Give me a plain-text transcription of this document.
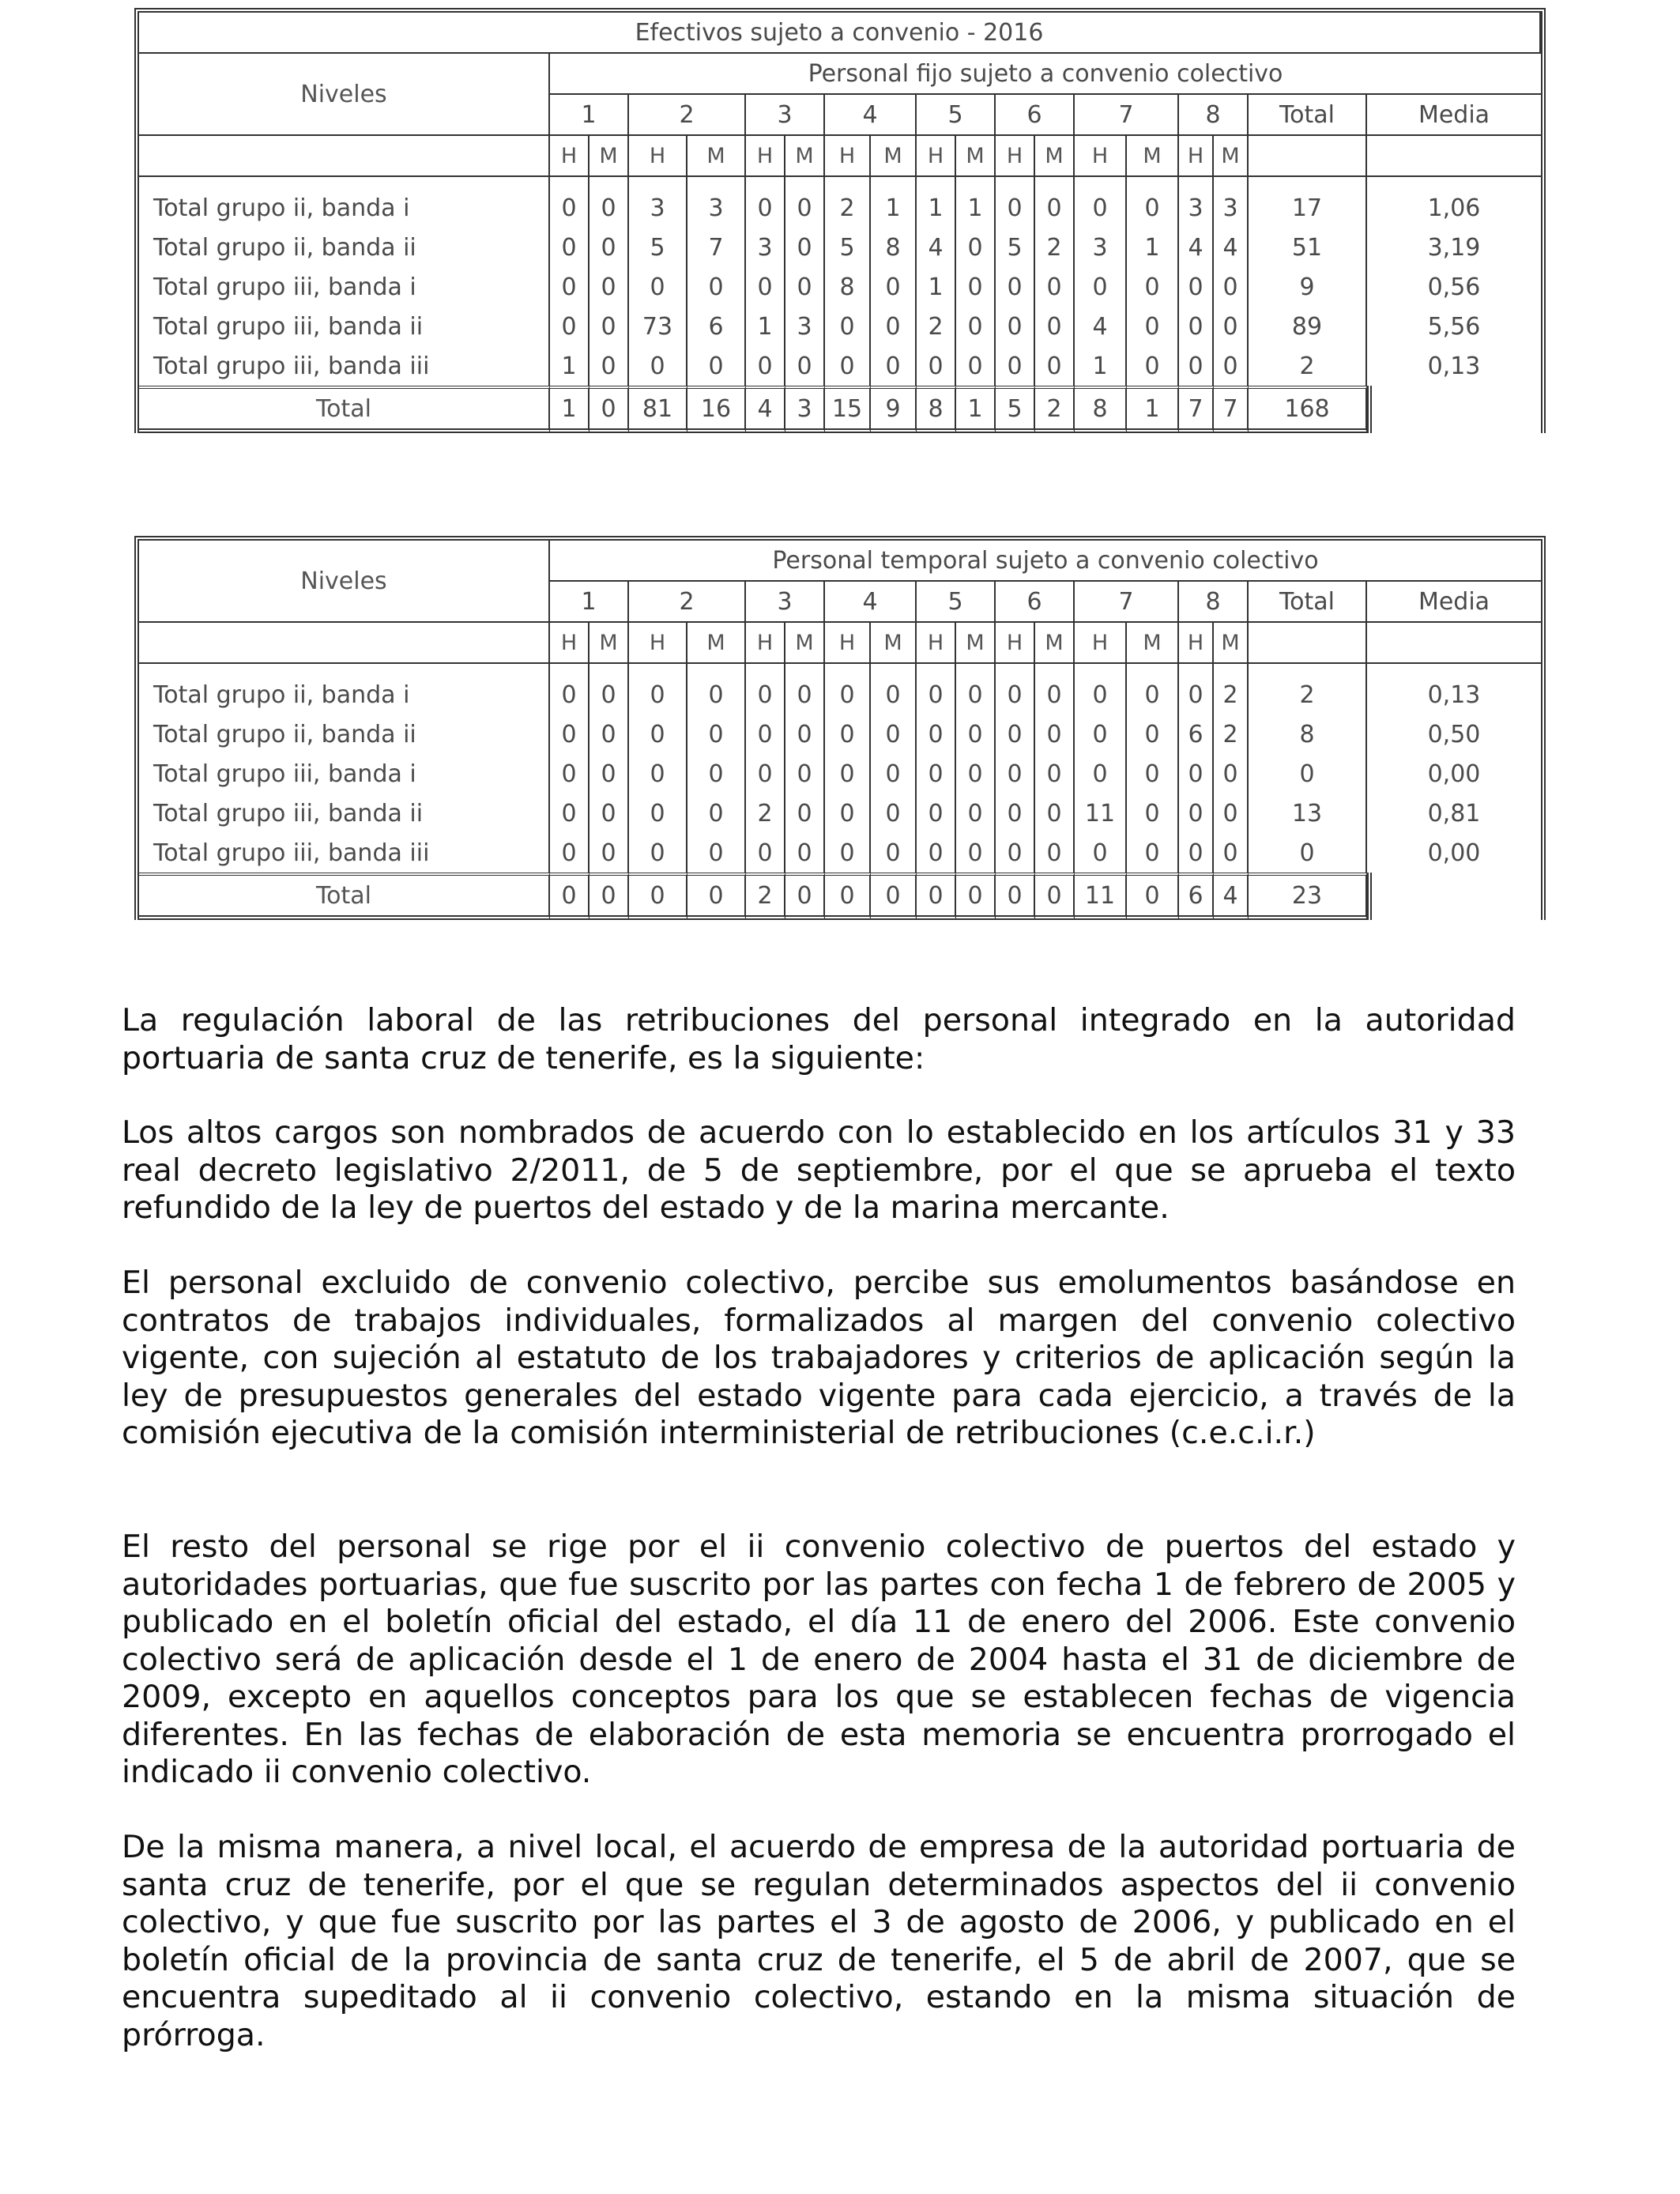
Efectivos sujeto a convenio - 2016																		
Niveles	Personal fijo sujeto a convenio colectivo																	
	1		2		3		4		5		6		7		8		Total	Media
	H	M	H	M	H	M	H	M	H	M	H	M	H	M	H	M		
Total grupo ii, banda i	0	0	3	3	0	0	2	1	1	1	0	0	0	0	3	3	17	1,06
Total grupo ii, banda ii	0	0	5	7	3	0	5	8	4	0	5	2	3	1	4	4	51	3,19
Total grupo iii, banda i	0	0	0	0	0	0	8	0	1	0	0	0	0	0	0	0	9	0,56
Total grupo iii, banda ii	0	0	73	6	1	3	0	0	2	0	0	0	4	0	0	0	89	5,56
Total grupo iii, banda iii	1	0	0	0	0	0	0	0	0	0	0	0	1	0	0	0	2	0,13
Total	1	0	81	16	4	3	15	9	8	1	5	2	8	1	7	7	168	
Niveles	Personal temporal sujeto a convenio colectivo																	
	1		2		3		4		5		6		7		8		Total	Media
	H	M	H	M	H	M	H	M	H	M	H	M	H	M	H	M		
Total grupo ii, banda i	0	0	0	0	0	0	0	0	0	0	0	0	0	0	0	2	2	0,13
Total grupo ii, banda ii	0	0	0	0	0	0	0	0	0	0	0	0	0	0	6	2	8	0,50
Total grupo iii, banda i	0	0	0	0	0	0	0	0	0	0	0	0	0	0	0	0	0	0,00
Total grupo iii, banda ii	0	0	0	0	2	0	0	0	0	0	0	0	11	0	0	0	13	0,81
Total grupo iii, banda iii	0	0	0	0	0	0	0	0	0	0	0	0	0	0	0	0	0	0,00
Total	0	0	0	0	2	0	0	0	0	0	0	0	11	0	6	4	23	

La regulación laboral de las retribuciones del personal integrado en la autoridad portuaria de santa cruz de tenerife, es la siguiente:

Los altos cargos son nombrados de acuerdo con lo establecido en los artículos 31 y 33 real decreto legislativo 2/2011, de 5 de septiembre, por el que se aprueba el texto refundido de la ley de puertos del estado y de la marina mercante.

El personal excluido de convenio colectivo, percibe sus emolumentos basándose en contratos de trabajos individuales, formalizados al margen del convenio colectivo vigente, con sujeción al estatuto de los trabajadores y criterios de aplicación según la ley de presupuestos generales del estado vigente para cada ejercicio, a través de la comisión ejecutiva de la comisión interministerial de retribuciones (c.e.c.i.r.)

El resto del personal se rige por el ii convenio colectivo de puertos del estado y autoridades portuarias, que fue suscrito por las partes con fecha 1 de febrero de 2005 y publicado en el boletín oficial del estado, el día 11 de enero del 2006. Este convenio colectivo será de aplicación desde el 1 de enero de 2004 hasta el 31 de diciembre de 2009, excepto en aquellos conceptos para los que se establecen fechas de vigencia diferentes. En las fechas de elaboración de esta memoria se encuentra prorrogado el indicado ii convenio colectivo.

De la misma manera, a nivel local, el acuerdo de empresa de la autoridad portuaria de santa cruz de tenerife, por el que se regulan determinados aspectos del ii convenio colectivo, y que fue suscrito por las partes el 3 de agosto de 2006, y publicado en el boletín oficial de la provincia de santa cruz de tenerife, el 5 de abril de 2007, que se encuentra supeditado al ii convenio colectivo, estando en la misma situación de prórroga.
